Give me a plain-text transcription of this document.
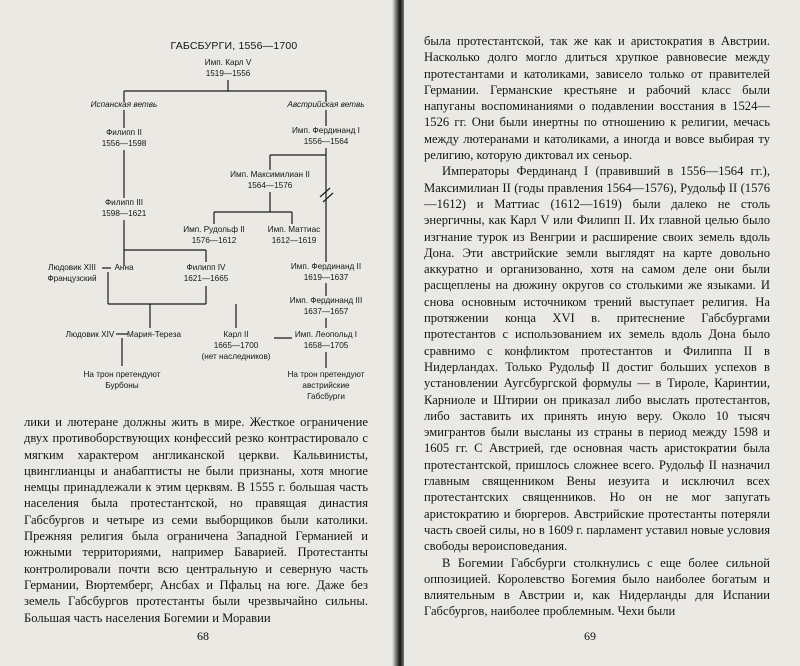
ГАБСБУРГИ, 1556—1700
Имп. Карл V
1519—1556
Испанская ветвь	Австрийская ветвь
Филипп II
1556—1598
Имп. Фердинанд I
1556—1564
Имп. Максимилиан II
1564—1576
Филипп III
1598—1621
Имп. Рудольф II
1576—1612
Имп. Маттиас
1612—1619
Людовик XIII
Французский
Анна	Филипп IV
1621—1665
Имп. Фердинанд II
1619—1637
Имп. Фердинанд III
1637—1657
Людовик XIV Мария-Тереза	Карл II
1665—1700
(нет наследников)
Имп. Леопольд I
1658—1705
На трон претендуют
Бурбоны
На трон претендуют
австрийские
Габсбурги

лики и лютеране должны жить в мире. Жесткое ограничение двух противоборствующих конфессий резко контрастировало с мягким характером англиканской церкви. Кальвинисты, цвинглианцы и анабаптисты не были признаны, хотя многие немцы принадлежали к этим церквям. В 1555 г. большая часть населения была протестантской, но правящая династия Габсбургов и четыре из семи выборщиков были католики. Прежняя религия была ограничена Западной Германией и южными территориями, например Баварией. Протестанты контролировали почти всю центральную и северную часть Германии, Вюртемберг, Ансбах и Пфальц на юге. Даже без земель Габсбургов протестанты были чрезвычайно сильны. Большая часть населения Богемии и Моравии

68

была протестантской, так же как и аристократия в Австрии. Насколько долго могло длиться хрупкое равновесие между протестантами и католиками, зависело только от правителей Германии. Германские крестьяне и рабочий класс были напуганы воспоминаниями о подавлении восстания в 1524—1526 гг. Они были инертны по отношению к религии, мечась между лютеранами и католиками, а иногда и вовсе выбирая ту религию, которую диктовал их сеньор.

Императоры Фердинанд I (правивший в 1556—1564 гг.), Максимилиан II (годы правления 1564—1576), Рудольф II (1576—1612) и Маттиас (1612—1619) были далеко не столь энергичны, как Карл V или Филипп II. Их главной целью было изгнание турок из Венгрии и расширение своих земель вдоль Дона. Эти австрийские земли выглядят на карте довольно аккуратно и организованно, хотя на самом деле они были расщеплены на дюжину округов со столькими же языками. И снова основным источником трений выступает религия. На протяжении конца XVI в. притеснение Габсбургами протестантов с использованием их земель вдоль Дона было сравнимо с конфликтом протестантов и Филиппа II в Нидерландах. Только Рудольф II достиг больших успехов в установлении Аугсбургской формулы — в Тироле, Каринтии, Карниоле и Штирии он приказал либо выслать протестантов, либо заставить их принять иную веру. Около 10 тысяч эмигрантов были высланы из страны в период между 1598 и 1605 гг. С Австрией, где основная часть аристократии была протестантской, пришлось сложнее всего. Рудольф II назначил главным священником Вены иезуита и исключил всех протестантских священников. Но он не мог запугать аристократию и бюргеров. Австрийские протестанты потеряли часть своей силы, но в 1609 г. парламент уставил новые условия свободы вероисповедания.

В Богемии Габсбурги столкнулись с еще более сильной оппозицией. Королевство Богемия было наиболее богатым и влиятельным в Австрии и, как Нидерланды для Испании Габсбургов, наиболее проблемным. Чехи были

69
